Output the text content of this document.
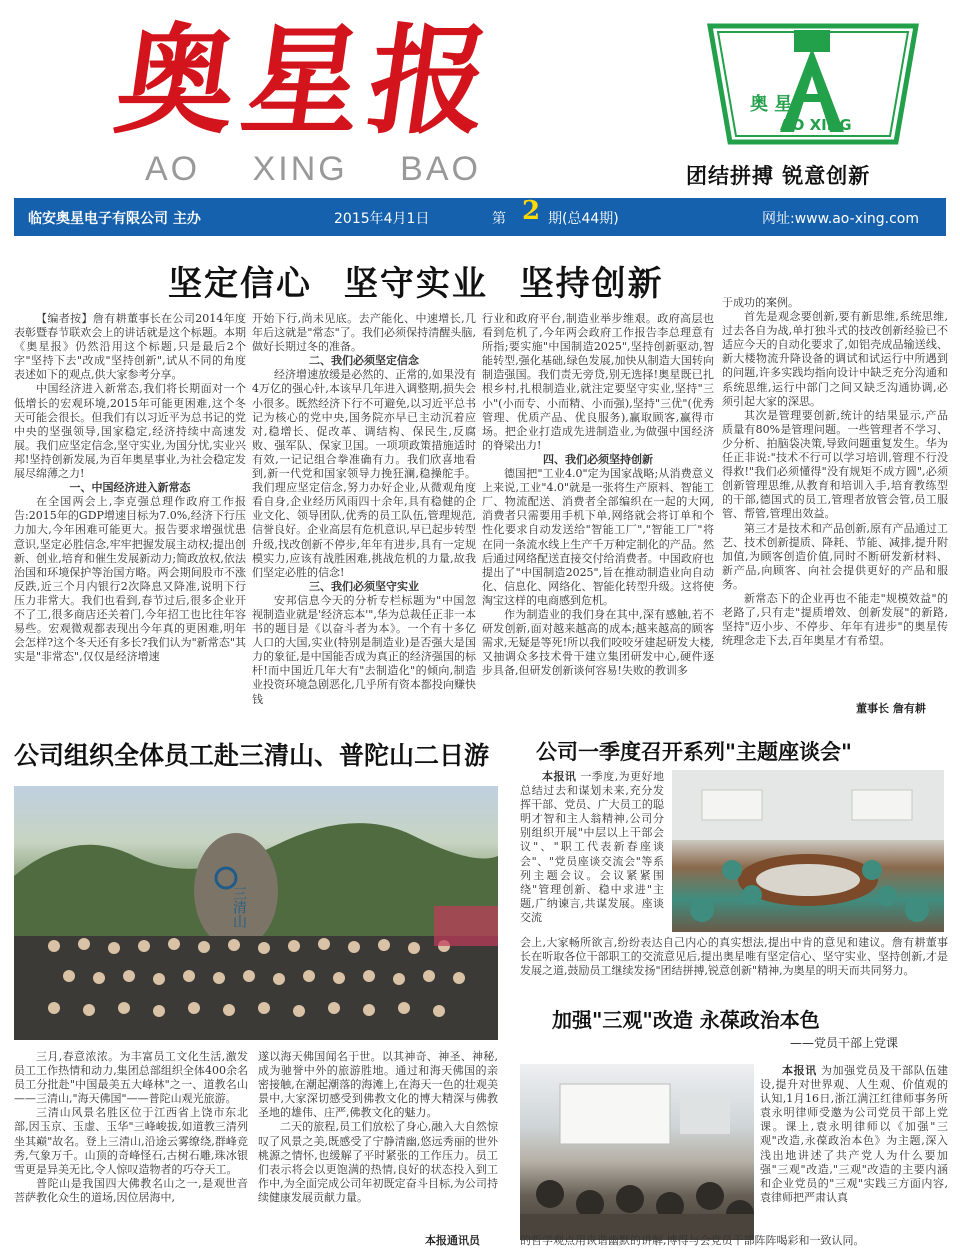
奥星报
AO XING BAO
奥 星
AO XING
团结拼搏 锐意创新
临安奥星电子有限公司 主办	2015年4月1日	第 2 期(总44期)	网址:www.ao-xing.com
坚定信心 坚守实业 坚持创新

【编者按】詹有耕董事长在公司2014年度表彰暨春节联欢会上的讲话就是这个标题。本期《奥星报》仍然沿用这个标题,只是最后2个字"坚持下去"改成"坚持创新",试从不同的角度表述如下的观点,供大家参考分享。

中国经济进入新常态,我们将长期面对一个低增长的宏观环境,2015年可能更困难,这个冬天可能会很长。但我们有以习近平为总书记的党中央的坚强领导,国家稳定,经济持续中高速发展。我们应坚定信念,坚守实业,为国分忧,实业兴邦!坚持创新发展,为百年奥星事业,为社会稳定发展尽绵薄之力!

一、中国经济进入新常态

在全国两会上,李克强总理作政府工作报告:2015年的GDP增速目标为7.0%,经济下行压力加大,今年困难可能更大。报告要求增强忧患意识,坚定必胜信念,牢牢把握发展主动权;提出创新、创业,培育和催生发展新动力;简政放权,依法治国和环境保护等治国方略。两会期间股市不涨反跌,近三个月内银行2次降息又降准,说明下行压力非常大。我们也看到,春节过后,很多企业开不了工,很多商店还关着门,今年招工也比往年容易些。宏观微观都表现出今年真的更困难,明年会怎样?这个冬天还有多长?我们认为"新常态"其实是"非常态",仅仅是经济增速

开始下行,尚未见底。去产能化、中速增长,几年后这就是"常态"了。我们必须保持清醒头脑,做好长期过冬的准备。

二、我们必须坚定信念

经济增速放缓是必然的、正常的,如果没有4万亿的强心针,本该早几年进入调整期,损失会小很多。既然经济下行不可避免,以习近平总书记为核心的党中央,国务院亦早已主动沉着应对,稳增长、促改革、调结构、保民生,反腐败、强军队、保家卫国。一项项政策措施适时有效,一记记组合拳准确有力。我们欣喜地看到,新一代党和国家领导力挽狂澜,稳操舵手。我们理应坚定信念,努力办好企业,从微观角度看自身,企业经历风雨四十余年,具有稳健的企业文化、领导团队,优秀的员工队伍,管理规范,信誉良好。企业高层有危机意识,早已起步转型升级,找改创新不停步,年年有进步,具有一定规模实力,应该有战胜困难,挑战危机的力量,故我们坚定必胜的信念!

三、我们必须坚守实业

安邦信息今天的分析专栏标题为"中国忽视制造业就是'经济忘本'",华为总裁任正非一本书的题目是《以奋斗者为本》。一个有十多亿人口的大国,实业(特别是制造业)是否强大是国力的象征,是中国能否成为真正的经济强国的标杆!而中国近几年大有"去制造化"的倾向,制造业投资环境急剧恶化,几乎所有资本都投向赚快钱

行业和政府平台,制造业举步维艰。政府高层也看到危机了,今年两会政府工作报告李总理意有所指;要实施"中国制造2025",坚持创新驱动,智能转型,强化基础,绿色发展,加快从制造大国转向制造强国。我们责无旁贷,别无选择!奥星既已扎根乡村,扎根制造业,就注定要坚守实业,坚持"三小"(小而专、小而精、小而强),坚持"三优"(优秀管理、优质产品、优良服务),赢取顾客,赢得市场。把企业打造成先进制造业,为做强中国经济的脊梁出力!

四、我们必须坚持创新

德国把"工业4.0"定为国家战略;从消费意义上来说,工业"4.0"就是一张将生产原料、智能工厂、物流配送、消费者全部编织在一起的大网,消费者只需要用手机下单,网络就会将订单和个性化要求自动发送给"智能工厂","智能工厂"将在同一条流水线上生产千万种定制化的产品。然后通过网络配送直接交付给消费者。中国政府也提出了"中国制造2025",旨在推动制造业向自动化、信息化、网络化、智能化转型升级。这将使淘宝这样的电商感到危机。

作为制造业的我们身在其中,深有感触,若不研发创新,面对越来越高的成本;越来越高的顾客需求,无疑是等死!所以我们咬咬牙建起研发大楼,又抽调众多技术骨干建立集团研发中心,硬件逐步具备,但研发创新谈何容易!失败的教训多

于成功的案例。

首先是观念要创新,要有新思维,系统思维,过去各自为战,单打独斗式的技改创新经验已不适应今天的自动化要求了,如铝壳成品输送线、新大楼物流升降设备的调试和试运行中所遇到的问题,许多实践均指向设计中缺乏充分沟通和系统思维,运行中部门之间又缺乏沟通协调,必须引起大家的深思。

其次是管理要创新,统计的结果显示,产品质量有80%是管理问题。一些管理者不学习、少分析、拍脑袋决策,导致问题重复发生。华为任正非说:"技术不行可以学习培训,管理不行没得救!"我们必须懂得"没有规矩不成方圆",必须创新管理思维,从教育和培训入手,培育教练型的干部,德国式的员工,管理者放管会管,员工服管、帮管,管理出效益。

第三才是技术和产品创新,原有产品通过工艺、技术创新提质、降耗、节能、减排,提升附加值,为顾客创造价值,同时不断研发新材料、新产品,向顾客、向社会提供更好的产品和服务。

新常态下的企业再也不能走"规模效益"的老路了,只有走"提质增效、创新发展"的新路,坚持"迈小步、不停步、年年有进步"的奥星传统理念走下去,百年奥星才有希望。

董事长 詹有耕
公司组织全体员工赴三清山、普陀山二日游
三清山

三月,春意浓浓。为丰富员工文化生活,激发员工工作热情和动力,集团总部组织全体400余名员工分批赴"中国最美五大峰林"之一、道教名山——三清山,"海天佛国"——普陀山观光旅游。

三清山风景名胜区位于江西省上饶市东北部,因玉京、玉虚、玉华"三峰峻拔,如道教三清列坐其巅"故名。登上三清山,沿途云雾缭绕,群峰竞秀,气象万千。山顶的奇峰怪石,古树石雕,珠冰银雪更是异美无比,令人惊叹造物者的巧夺天工。

普陀山是我国四大佛教名山之一,是观世音菩萨教化众生的道场,因位居海中,

遂以海天佛国闻名于世。以其神奇、神圣、神秘,成为驰誉中外的旅游胜地。通过和海天佛国的亲密接触,在潮起潮落的海滩上,在海天一色的壮观美景中,大家深切感受到佛教文化的博大精深与佛教圣地的雄伟、庄严,佛教文化的魅力。

二天的旅程,员工们放松了身心,融入大自然惊叹了风景之美,既感受了宁静清幽,悠远秀丽的世外桃源之情怀,也缓解了平时紧张的工作压力。员工们表示将会以更饱满的热情,良好的状态投入到工作中,为全面完成公司年初既定奋斗目标,为公司持续健康发展贡献力量。

本报通讯员
公司一季度召开系列"主题座谈会"

本报讯 一季度,为更好地总结过去和谋划未来,充分发挥干部、党员、广大员工的聪明才智和主人翁精神,公司分别组织开展"中层以上干部会议"、"职工代表新春座谈会"、"党员座谈交流会"等系列主题会议。会议紧紧围绕"管理创新、稳中求进"主题,广纳谏言,共谋发展。座谈交流

会上,大家畅所欲言,纷纷表达自己内心的真实想法,提出中肯的意见和建议。詹有耕董事长在听取各位干部职工的交流意见后,提出奥星唯有坚定信心、坚守实业、坚持创新,才是发展之道,鼓励员工继续发扬"团结拼搏,锐意创新"精神,为奥星的明天而共同努力。

加强"三观"改造 永葆政治本色
——党员干部上党课

本报讯 为加强党员及干部队伍建设,提升对世界观、人生观、价值观的认知,1月16日,浙江满江红律师事务所袁永明律师受邀为公司党员干部上党课。课上,袁永明律师以《加强"三观"改造,永葆政治本色》为主题,深入浅出地讲述了共产党人为什么要加强"三观"改造,"三观"改造的主要内涵和企业党员的"三观"实践三方面内容,袁律师把严肃认真

的哲学观点用诙谐幽默的讲解,博得与会党员干部阵阵喝彩和一致认同。
